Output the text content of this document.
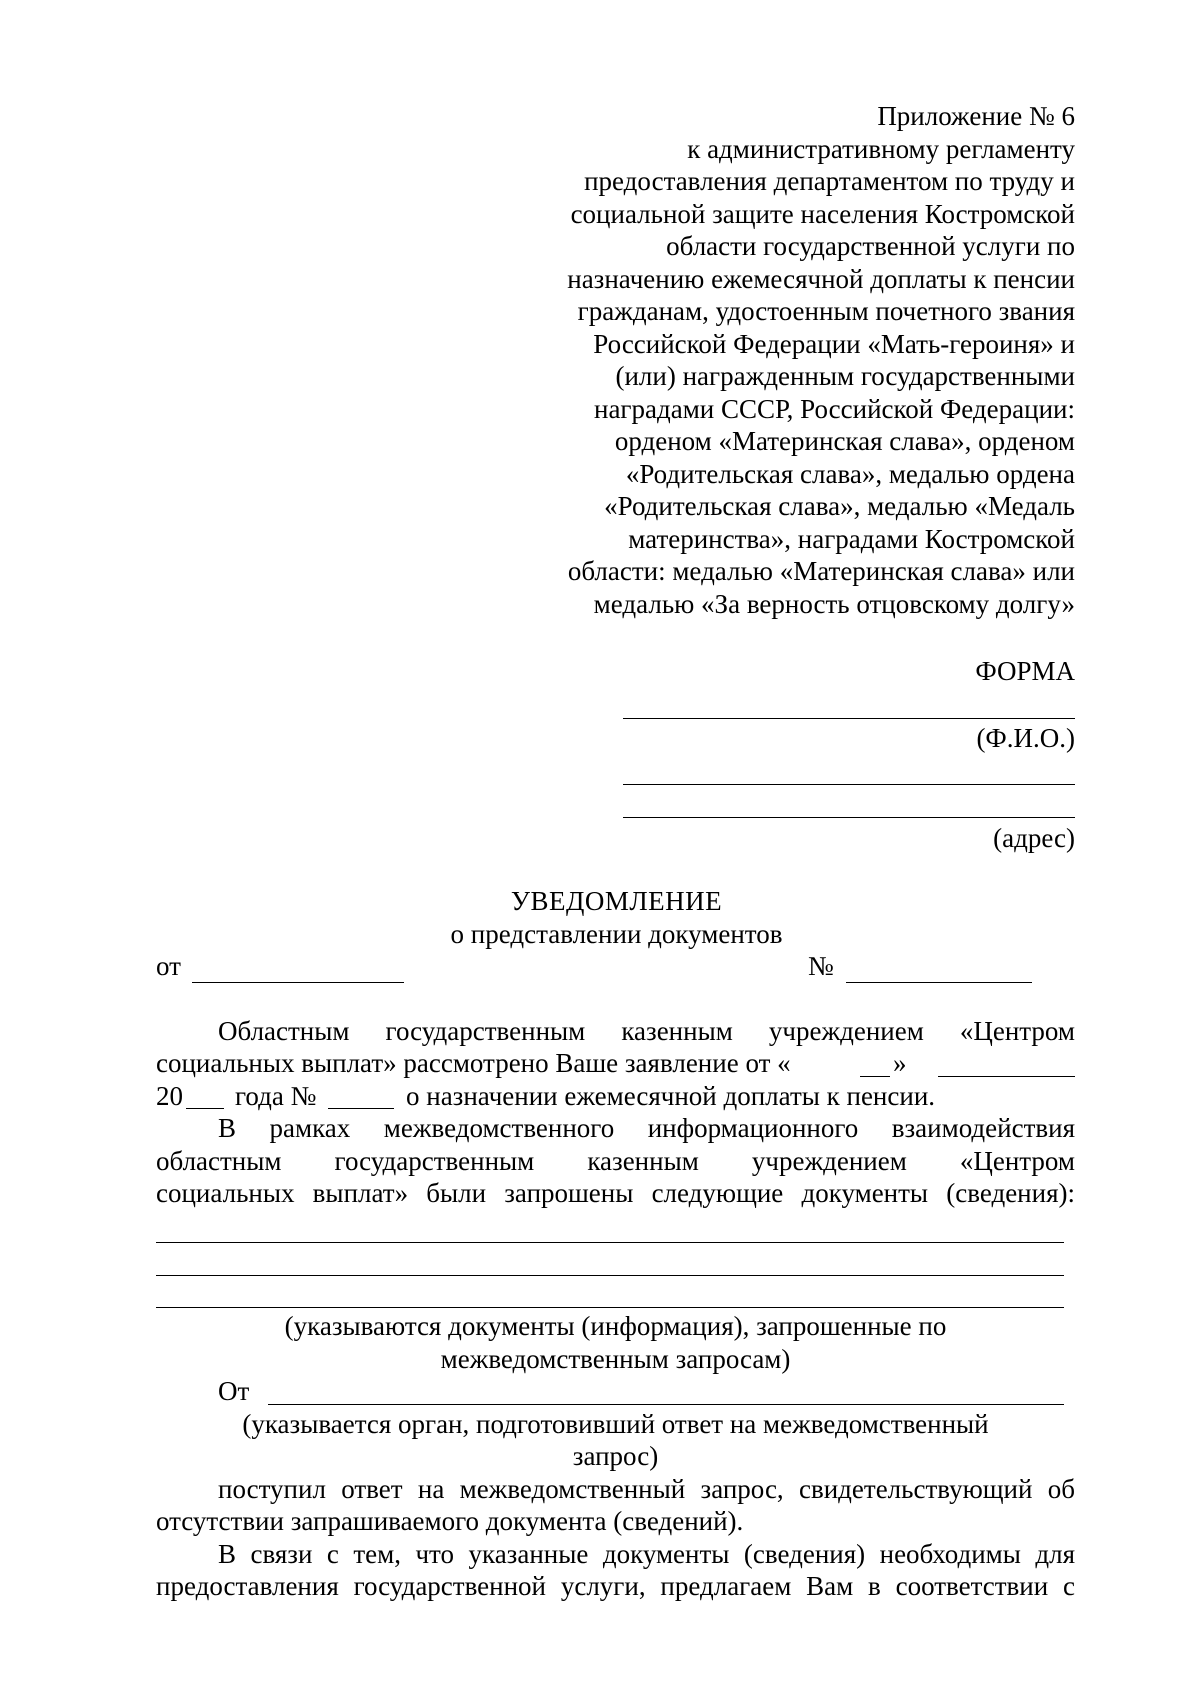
Приложение № 6
к административному регламенту
предоставления департаментом по труду и
социальной защите населения Костромской
области государственной услуги по
назначению ежемесячной доплаты к пенсии
гражданам, удостоенным почетного звания
Российской Федерации «Мать-героиня» и
(или) награжденным государственными
наградами СССР, Российской Федерации:
орденом «Материнская слава», орденом
«Родительская слава», медалью ордена
«Родительская слава», медалью «Медаль
материнства», наградами Костромской
области: медалью «Материнская слава» или
медалью «За верность отцовскому долгу»
ФОРМА
(Ф.И.О.)
(адрес)
УВЕДОМЛЕНИЕ
о представлении документов
от	№
Областным государственным казенным учреждением «Центром
социальных выплат» рассмотрено Ваше заявление от «	»
20 года №	о назначении ежемесячной доплаты к пенсии.
В рамках межведомственного информационного взаимодействия
областным государственным казенным учреждением «Центром
социальных выплат» были запрошены следующие документы (сведения):
(указываются документы (информация), запрошенные по
межведомственным запросам)
От
(указывается орган, подготовивший ответ на межведомственный
запрос)
поступил ответ на межведомственный запрос, свидетельствующий об
отсутствии запрашиваемого документа (сведений).
В связи с тем, что указанные документы (сведения) необходимы для
предоставления государственной услуги, предлагаем Вам в соответствии с
